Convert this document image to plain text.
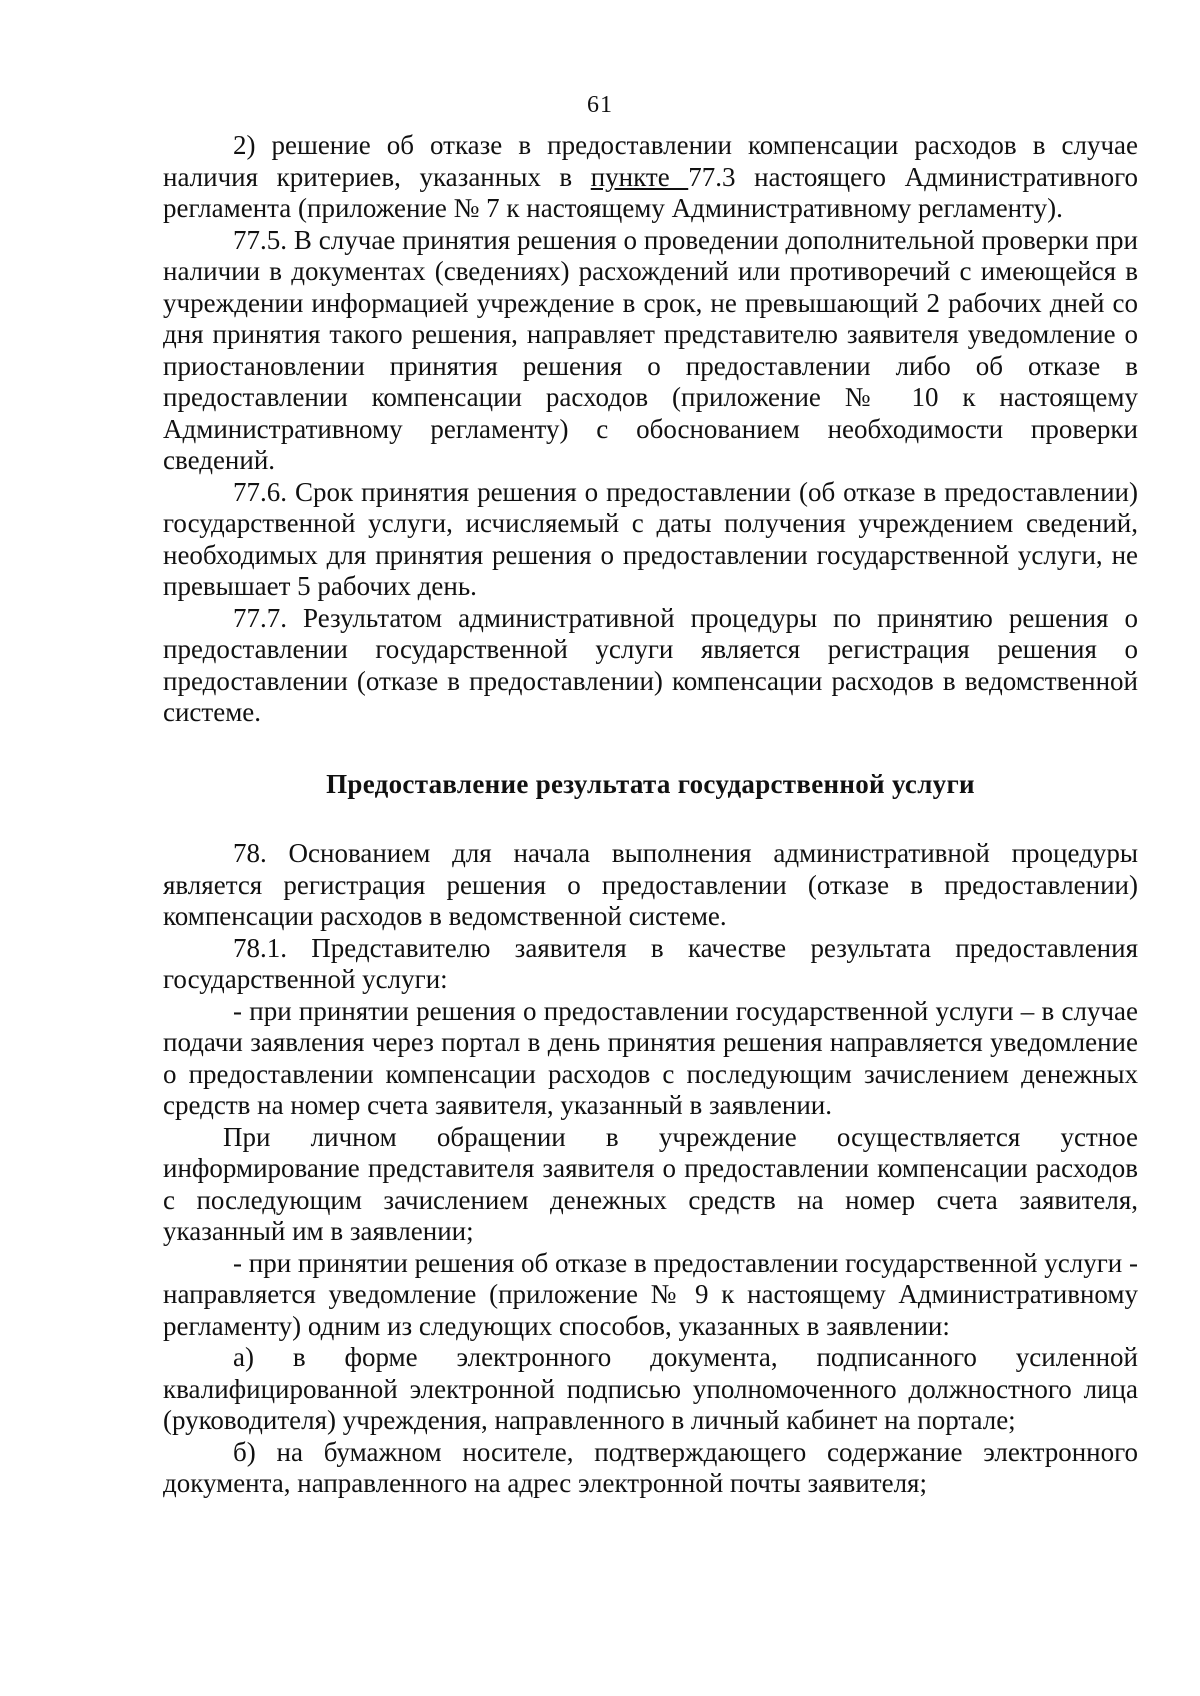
61

2) решение об отказе в предоставлении компенсации расходов в случае наличия критериев, указанных в пункте 77.3 настоящего Административного регламента (приложение № 7 к настоящему Административному регламенту).

77.5. В случае принятия решения о проведении дополнительной проверки при наличии в документах (сведениях) расхождений или противоречий с имеющейся в учреждении информацией учреждение в срок, не превышающий 2 рабочих дней со дня принятия такого решения, направляет представителю заявителя уведомление о приостановлении принятия решения о предоставлении либо об отказе в предоставлении компенсации расходов (приложение № 10 к настоящему Административному регламенту) с обоснованием необходимости проверки сведений.

77.6. Срок принятия решения о предоставлении (об отказе в предоставлении) государственной услуги, исчисляемый с даты получения учреждением сведений, необходимых для принятия решения о предоставлении государственной услуги, не превышает 5 рабочих день.

77.7. Результатом административной процедуры по принятию решения о предоставлении государственной услуги является регистрация решения о предоставлении (отказе в предоставлении) компенсации расходов в ведомственной системе.

Предоставление результата государственной услуги

78. Основанием для начала выполнения административной процедуры является регистрация решения о предоставлении (отказе в предоставлении) компенсации расходов в ведомственной системе.

78.1. Представителю заявителя в качестве результата предоставления государственной услуги:

- при принятии решения о предоставлении государственной услуги – в случае подачи заявления через портал в день принятия решения направляется уведомление о предоставлении компенсации расходов с последующим зачислением денежных средств на номер счета заявителя, указанный в заявлении.

При личном обращении в учреждение осуществляется устное информирование представителя заявителя о предоставлении компенсации расходов с последующим зачислением денежных средств на номер счета заявителя, указанный им в заявлении;

- при принятии решения об отказе в предоставлении государственной услуги - направляется уведомление (приложение № 9 к настоящему Административному регламенту) одним из следующих способов, указанных в заявлении:

а) в форме электронного документа, подписанного усиленной квалифицированной электронной подписью уполномоченного должностного лица (руководителя) учреждения, направленного в личный кабинет на портале;

б) на бумажном носителе, подтверждающего содержание электронного документа, направленного на адрес электронной почты заявителя;
